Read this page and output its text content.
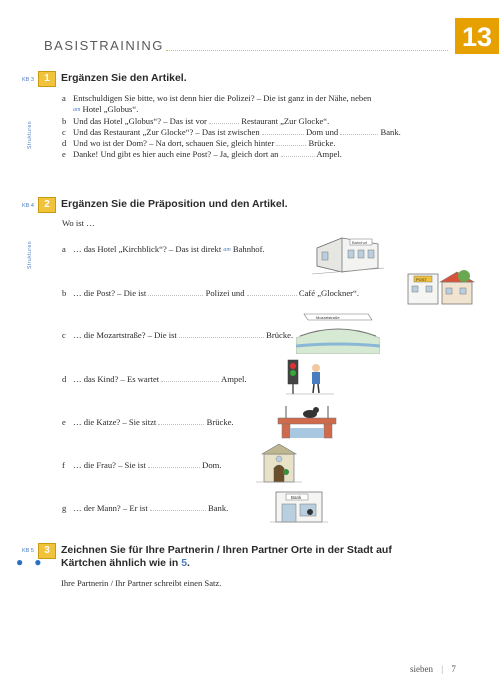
BASISTRAINING	13
KB 3	1	Ergänzen Sie den Artikel.
Strukturen
a Entschuldigen Sie bitte, wo ist denn hier die Polizei? – Die ist ganz in der Nähe, neben
am Hotel „Globus“.
b Und das Hotel „Globus“? – Das ist vor	Restaurant „Zur Glocke“.
c Und das Restaurant „Zur Glocke“? – Das ist zwischen	Dom und	Bank.
d Und wo ist der Dom? – Na dort, schauen Sie, gleich hinter	Brücke.
e Danke! Und gibt es hier auch eine Post? – Ja, gleich dort an	Ampel.
KB 4	2	Ergänzen Sie die Präposition und den Artikel.
Strukturen
Wo ist …
a … das Hotel „Kirchblick“? – Das ist direkt am Bahnhof.
b … die Post? – Die ist	Polizei und	Café „Glockner“.
c … die Mozartstraße? – Die ist	Brücke.
d … das Kind? – Es wartet	Ampel.
e … die Katze? – Sie sitzt	Brücke.
f … die Frau? – Sie ist	Dom.
g … der Mann? – Er ist	Bank.
Bahnhof
POST
Mozartstraße
Bank
KB 5	3
● ●
Zeichnen Sie für Ihre Partnerin / Ihren Partner Orte in der Stadt auf
Kärtchen ähnlich wie in 5.
Ihre Partnerin / Ihr Partner schreibt einen Satz.
sieben | 7
